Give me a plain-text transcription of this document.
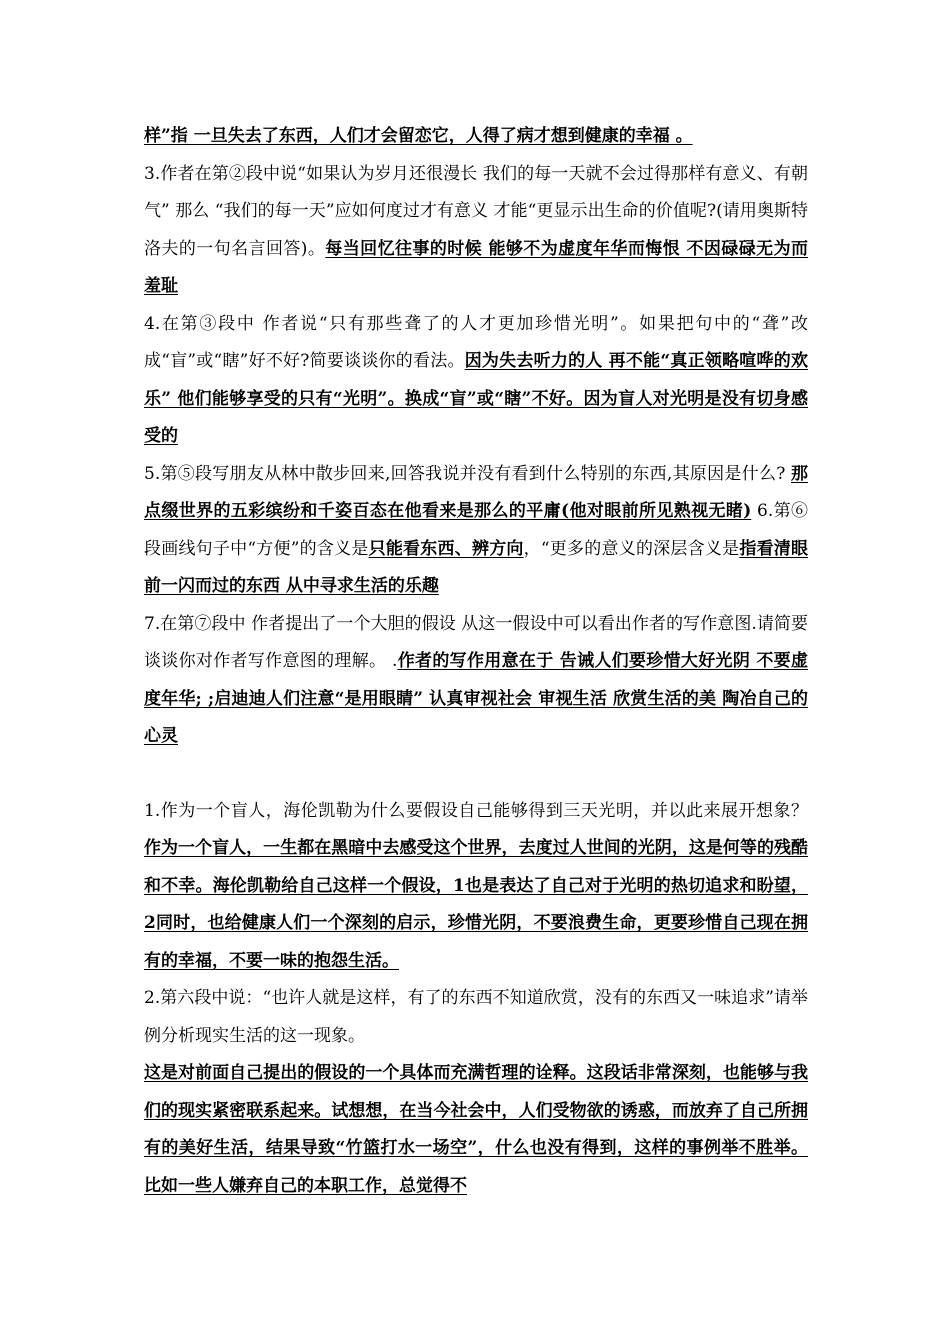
样”指 一旦失去了东西，人们才会留恋它，人得了病才想到健康的幸福 。

3.作者在第②段中说“如果认为岁月还很漫长 我们的每一天就不会过得那样有意义、有朝气” 那么 “我们的每一天”应如何度过才有意义 才能“更显示出生命的价值呢?(请用奥斯特洛夫的一句名言回答)。每当回忆往事的时候 能够不为虚度年华而悔恨 不因碌碌无为而羞耻

4.在第③段中 作者说“只有那些聋了的人才更加珍惜光明”。如果把句中的“聋”改成“盲”或“瞎”好不好?简要谈谈你的看法。因为失去听力的人 再不能“真正领略喧哗的欢乐” 他们能够享受的只有“光明”。换成“盲”或“瞎”不好。因为盲人对光明是没有切身感受的

5.第⑤段写朋友从林中散步回来,回答我说并没有看到什么特别的东西,其原因是什么? 那点缀世界的五彩缤纷和千姿百态在他看来是那么的平庸(他对眼前所见熟视无睹) 6.第⑥段画线句子中“方便”的含义是只能看东西、辨方向，“更多的意义的深层含义是指看清眼前一闪而过的东西 从中寻求生活的乐趣

7.在第⑦段中 作者提出了一个大胆的假设 从这一假设中可以看出作者的写作意图.请简要谈谈你对作者写作意图的理解。 .作者的写作用意在于 告诫人们要珍惜大好光阴 不要虚度年华; ;启迪迪人们注意“是用眼睛” 认真审视社会 审视生活 欣赏生活的美 陶冶自己的心灵

1.作为一个盲人，海伦凯勒为什么要假设自己能够得到三天光明，并以此来展开想象？ 作为一个盲人，一生都在黑暗中去感受这个世界，去度过人世间的光阴，这是何等的残酷和不幸。海伦凯勒给自己这样一个假设，1也是表达了自己对于光明的热切追求和盼望，2同时，也给健康人们一个深刻的启示，珍惜光阴，不要浪费生命，更要珍惜自己现在拥有的幸福，不要一味的抱怨生活。

2.第六段中说：“也许人就是这样，有了的东西不知道欣赏，没有的东西又一味追求”请举例分析现实生活的这一现象。

这是对前面自己提出的假设的一个具体而充满哲理的诠释。这段话非常深刻，也能够与我们的现实紧密联系起来。试想想，在当今社会中，人们受物欲的诱惑，而放弃了自己所拥有的美好生活，结果导致“竹篮打水一场空”，什么也没有得到，这样的事例举不胜举。比如一些人嫌弃自己的本职工作，总觉得不
